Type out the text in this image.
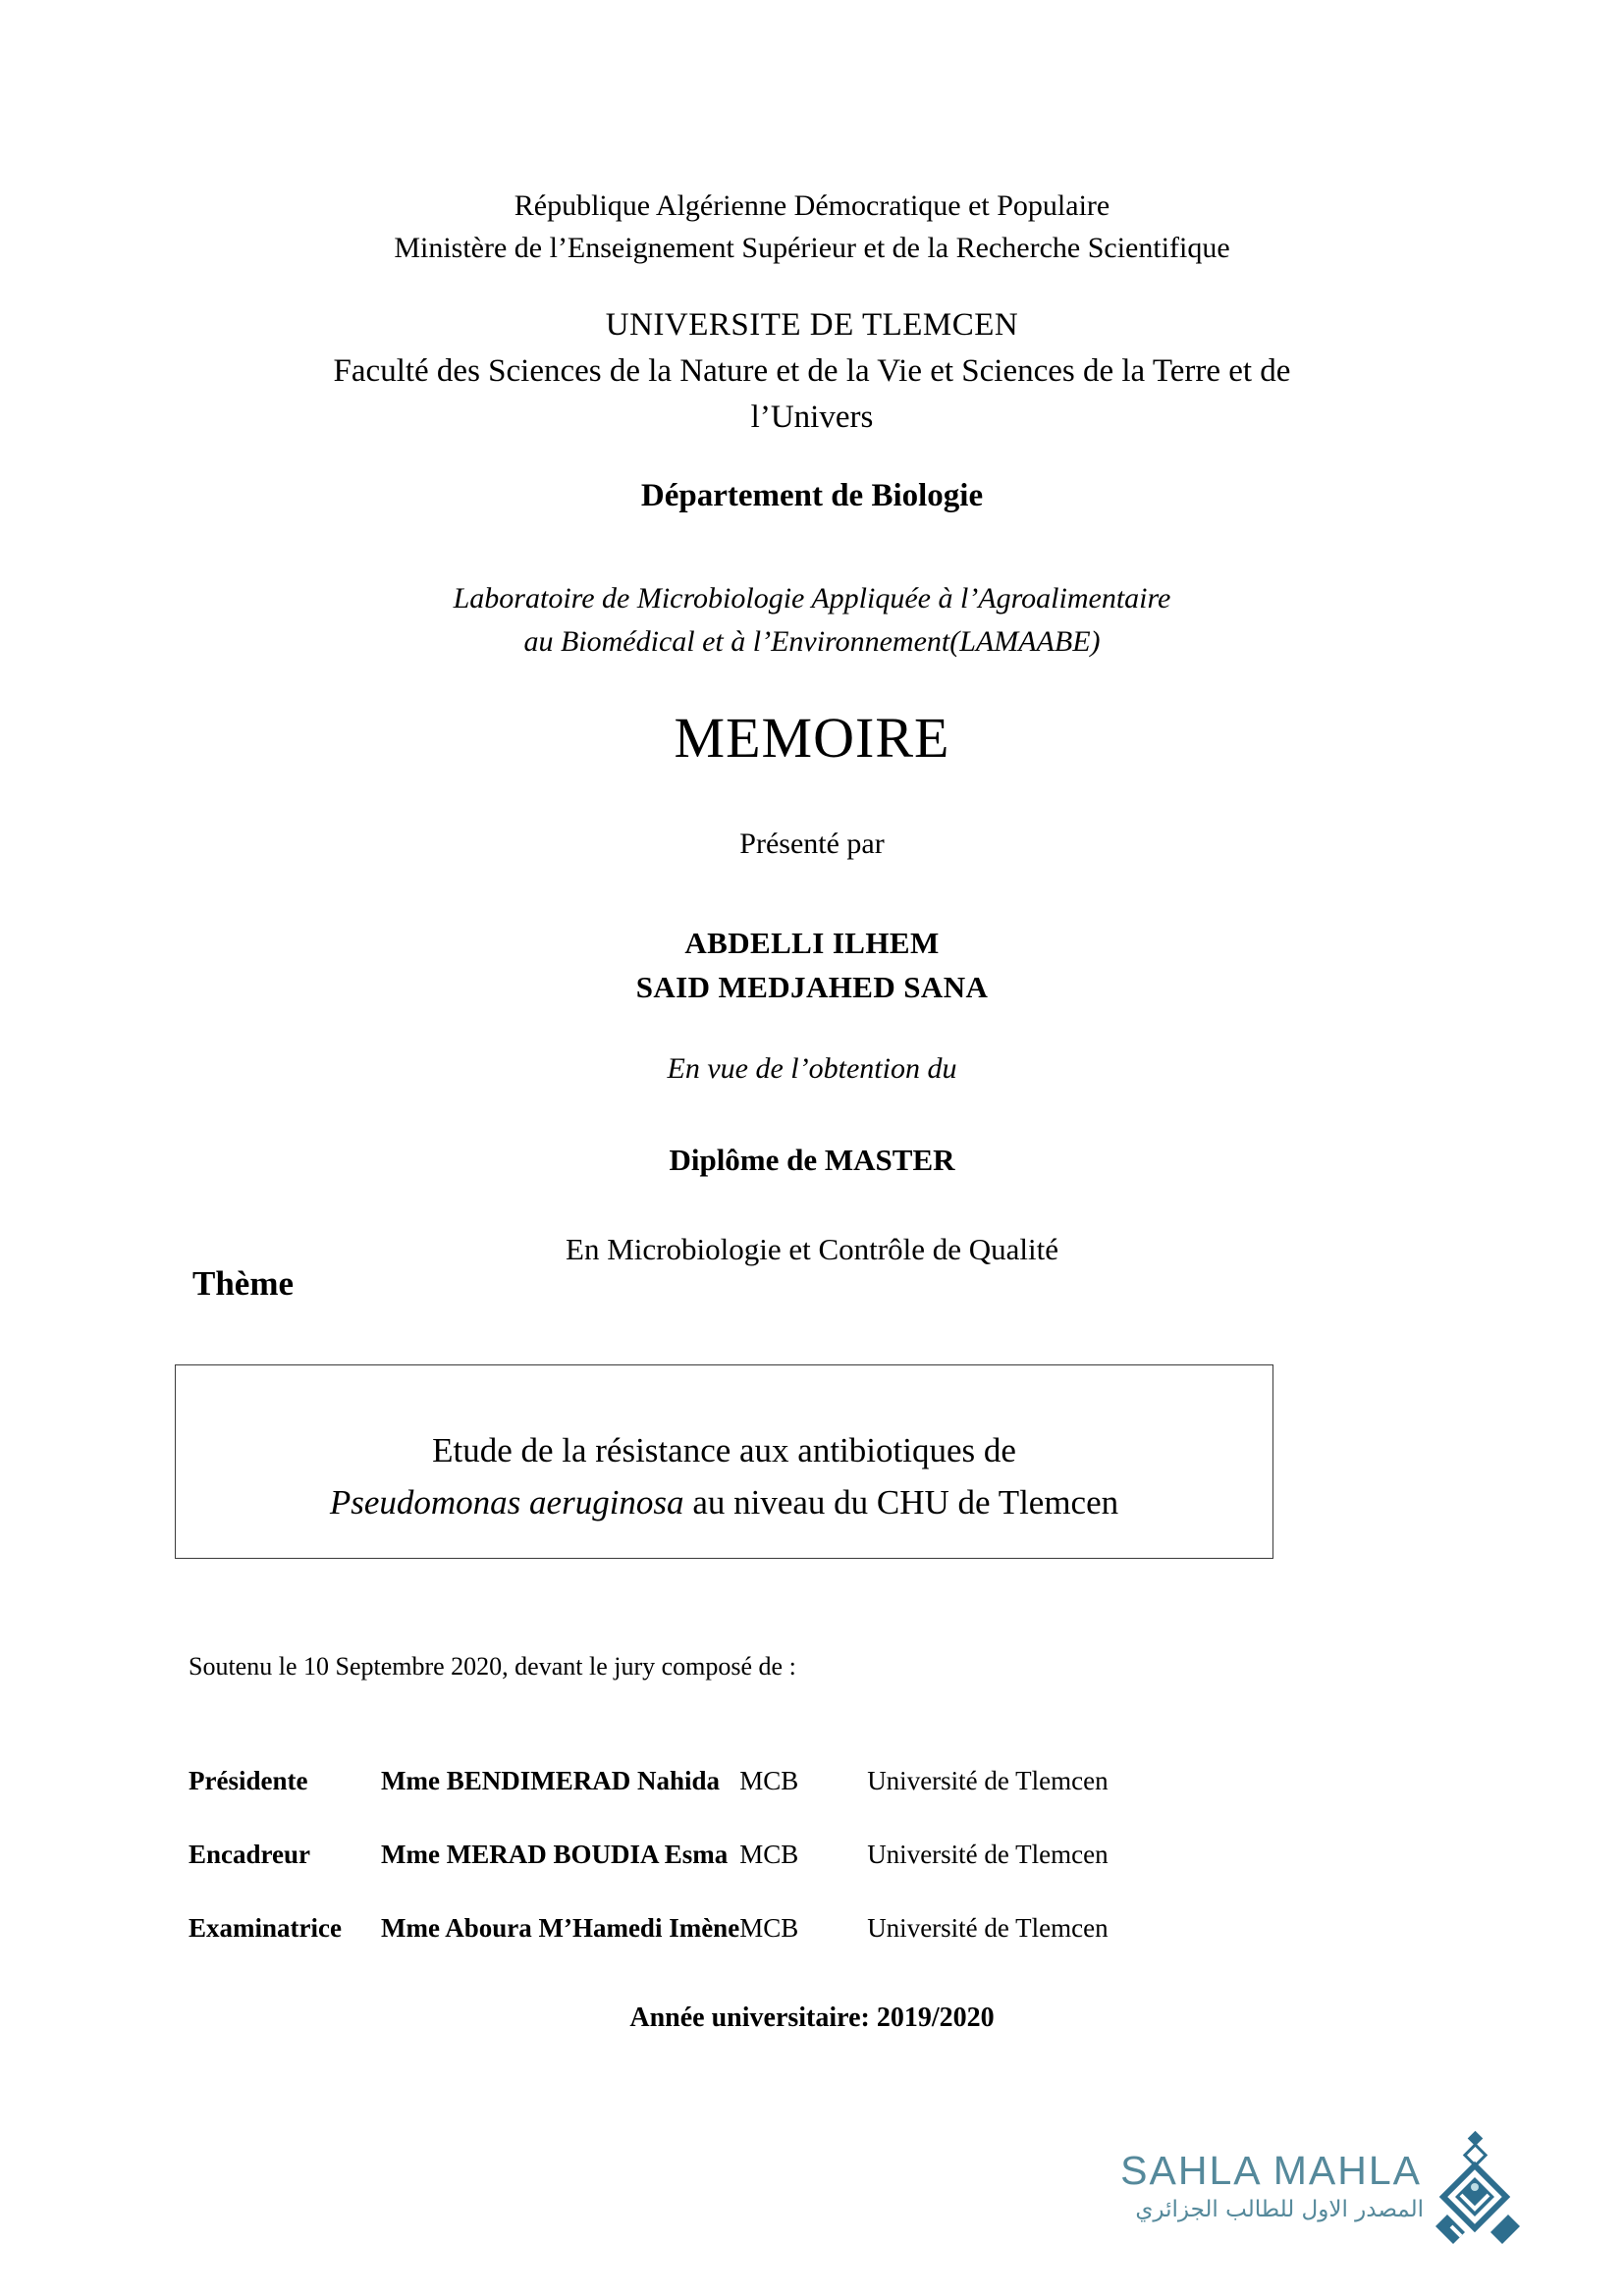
République Algérienne Démocratique et Populaire
Ministère de l’Enseignement Supérieur et de la Recherche Scientifique
UNIVERSITE DE TLEMCEN
Faculté des Sciences de la Nature et de la Vie et Sciences de la Terre et de
l’Univers
Département de Biologie
Laboratoire de Microbiologie Appliquée à l’Agroalimentaire
au Biomédical et à l’Environnement(LAMAABE)
MEMOIRE
Présenté par
ABDELLI ILHEM
SAID MEDJAHED SANA
En vue de l’obtention du
Diplôme de MASTER
En Microbiologie et Contrôle de Qualité
Thème
Etude de la résistance aux antibiotiques de
Pseudomonas aeruginosa au niveau du CHU de Tlemcen
Soutenu le 10 Septembre 2020, devant le jury composé de :
Présidente	Mme BENDIMERAD Nahida	MCB	Université de Tlemcen
Encadreur	Mme MERAD BOUDIA Esma	MCB	Université de Tlemcen
Examinatrice	Mme Aboura M’Hamedi Imène	MCB	Université de Tlemcen
Année universitaire: 2019/2020
SAHLA MAHLA
المصدر الاول للطالب الجزائري
